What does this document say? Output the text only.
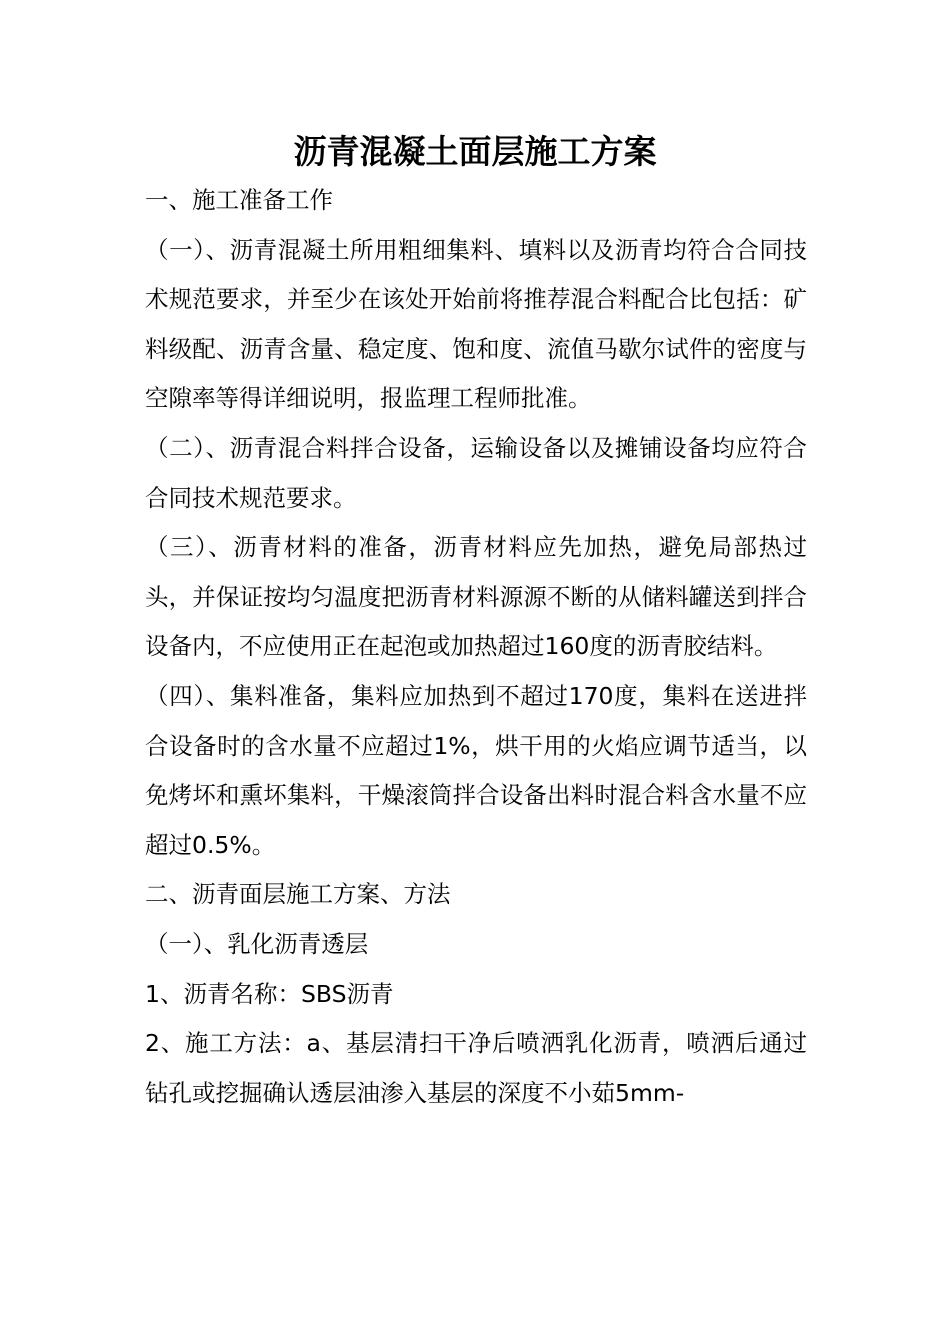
沥青混凝土面层施工方案

一、施工准备工作

（一）、沥青混凝土所用粗细集料、填料以及沥青均符合合同技术规范要求，并至少在该处开始前将推荐混合料配合比包括：矿料级配、沥青含量、稳定度、饱和度、流值马歇尔试件的密度与空隙率等得详细说明，报监理工程师批准。

（二）、沥青混合料拌合设备，运输设备以及摊铺设备均应符合合同技术规范要求。

（三）、沥青材料的准备，沥青材料应先加热，避免局部热过头，并保证按均匀温度把沥青材料源源不断的从储料罐送到拌合设备内，不应使用正在起泡或加热超过160度的沥青胶结料。

（四）、集料准备，集料应加热到不超过170度，集料在送进拌合设备时的含水量不应超过1%，烘干用的火焰应调节适当，以免烤坏和熏坏集料，干燥滚筒拌合设备出料时混合料含水量不应超过0.5%。

二、沥青面层施工方案、方法

（一）、乳化沥青透层

1、沥青名称：SBS沥青

2、施工方法：a、基层清扫干净后喷洒乳化沥青，喷洒后通过钻孔或挖掘确认透层油渗入基层的深度不小茹5mm-
